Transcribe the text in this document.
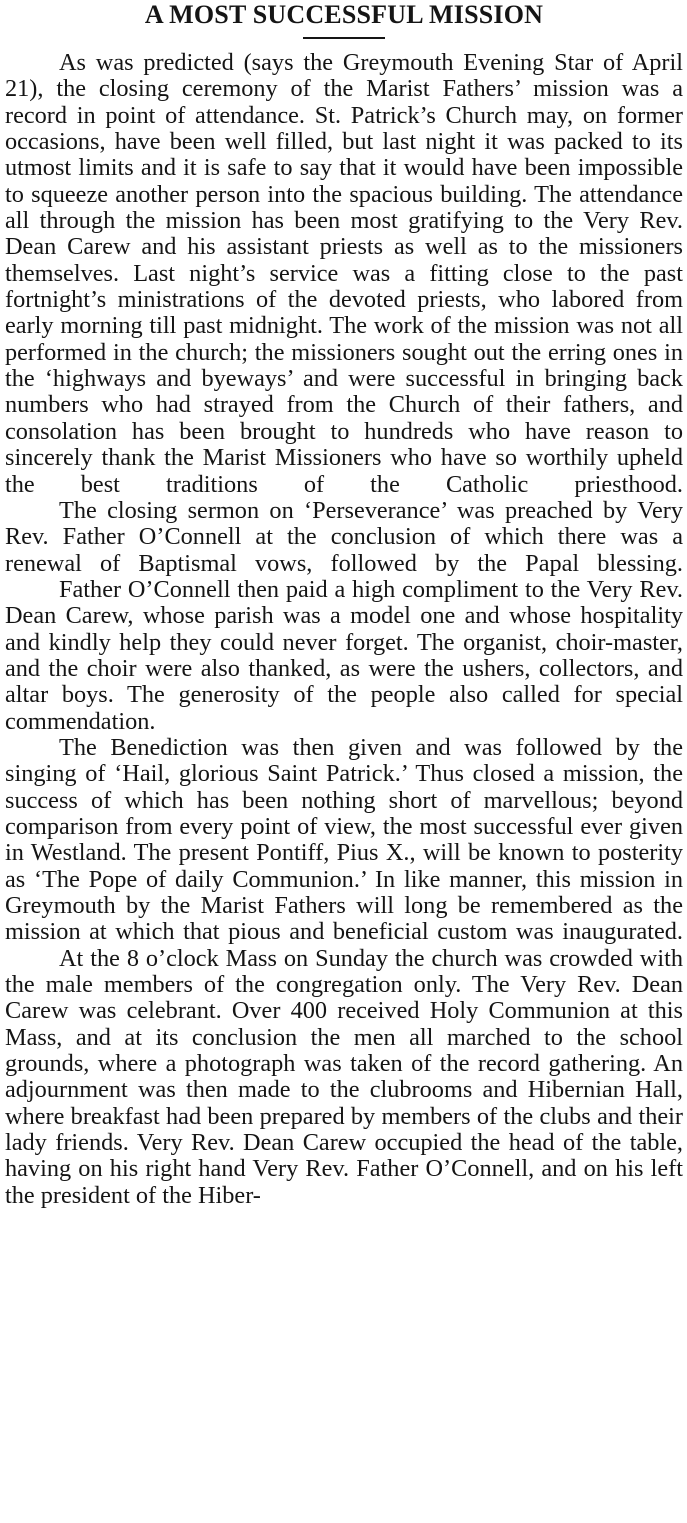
A MOST SUCCESSFUL MISSION

As was predicted (says the Greymouth Evening Star of April 21), the closing ceremony of the Marist Fathers’ mission was a record in point of attendance. St. Patrick’s Church may, on former occasions, have been well filled, but last night it was packed to its utmost limits and it is safe to say that it would have been impossible to squeeze another person into the spacious building. The attendance all through the mission has been most gratifying to the Very Rev. Dean Carew and his assistant priests as well as to the missioners themselves. Last night’s service was a fitting close to the past fortnight’s ministrations of the devoted priests, who labored from early morning till past midnight. The work of the mission was not all performed in the church; the missioners sought out the erring ones in the ‘highways and byeways’ and were successful in bringing back numbers who had strayed from the Church of their fathers, and consolation has been brought to hundreds who have reason to sincerely thank the Marist Missioners who have so worthily upheld the best traditions of the Catholic priesthood.

The closing sermon on ‘Perseverance’ was preached by Very Rev. Father O’Connell at the conclusion of which there was a renewal of Baptismal vows, followed by the Papal blessing.

Father O’Connell then paid a high compliment to the Very Rev. Dean Carew, whose parish was a model one and whose hospitality and kindly help they could never forget. The organist, choir-master, and the choir were also thanked, as were the ushers, collectors, and altar boys. The generosity of the people also called for special commendation.

The Benediction was then given and was followed by the singing of ‘Hail, glorious Saint Patrick.’ Thus closed a mission, the success of which has been nothing short of marvellous; beyond comparison from every point of view, the most successful ever given in Westland. The present Pontiff, Pius X., will be known to posterity as ‘The Pope of daily Communion.’ In like manner, this mission in Greymouth by the Marist Fathers will long be remembered as the mission at which that pious and beneficial custom was inaugurated.

At the 8 o’clock Mass on Sunday the church was crowded with the male members of the congregation only. The Very Rev. Dean Carew was celebrant. Over 400 received Holy Communion at this Mass, and at its conclusion the men all marched to the school grounds, where a photograph was taken of the record gathering. An adjournment was then made to the clubrooms and Hibernian Hall, where breakfast had been prepared by members of the clubs and their lady friends. Very Rev. Dean Carew occupied the head of the table, having on his right hand Very Rev. Father O’Connell, and on his left the president of the Hiber-
